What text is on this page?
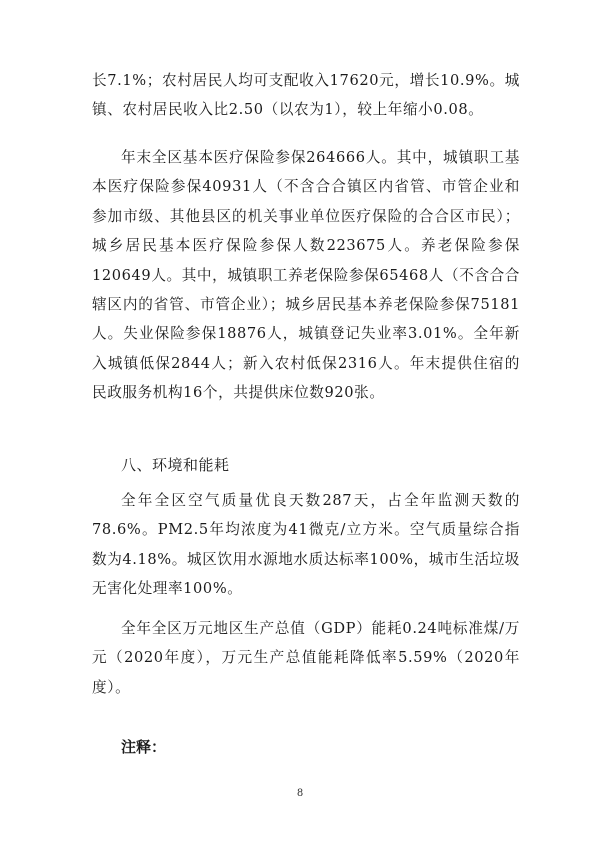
长7.1%；农村居民人均可支配收入17620元，增长10.9%。城镇、农村居民收入比2.50（以农为1），较上年缩小0.08。

年末全区基本医疗保险参保264666人。其中，城镇职工基本医疗保险参保40931人（不含合合镇区内省管、市管企业和参加市级、其他县区的机关事业单位医疗保险的合合区市民）；城乡居民基本医疗保险参保人数223675人。养老保险参保120649人。其中，城镇职工养老保险参保65468人（不含合合辖区内的省管、市管企业）；城乡居民基本养老保险参保75181人。失业保险参保18876人，城镇登记失业率3.01%。全年新入城镇低保2844人；新入农村低保2316人。年末提供住宿的民政服务机构16个，共提供床位数920张。

八、环境和能耗

全年全区空气质量优良天数287天，占全年监测天数的78.6%。PM2.5年均浓度为41微克/立方米。空气质量综合指数为4.18%。城区饮用水源地水质达标率100%，城市生活垃圾无害化处理率100%。

全年全区万元地区生产总值（GDP）能耗0.24吨标准煤/万元（2020年度），万元生产总值能耗降低率5.59%（2020年度）。

注释：
8
